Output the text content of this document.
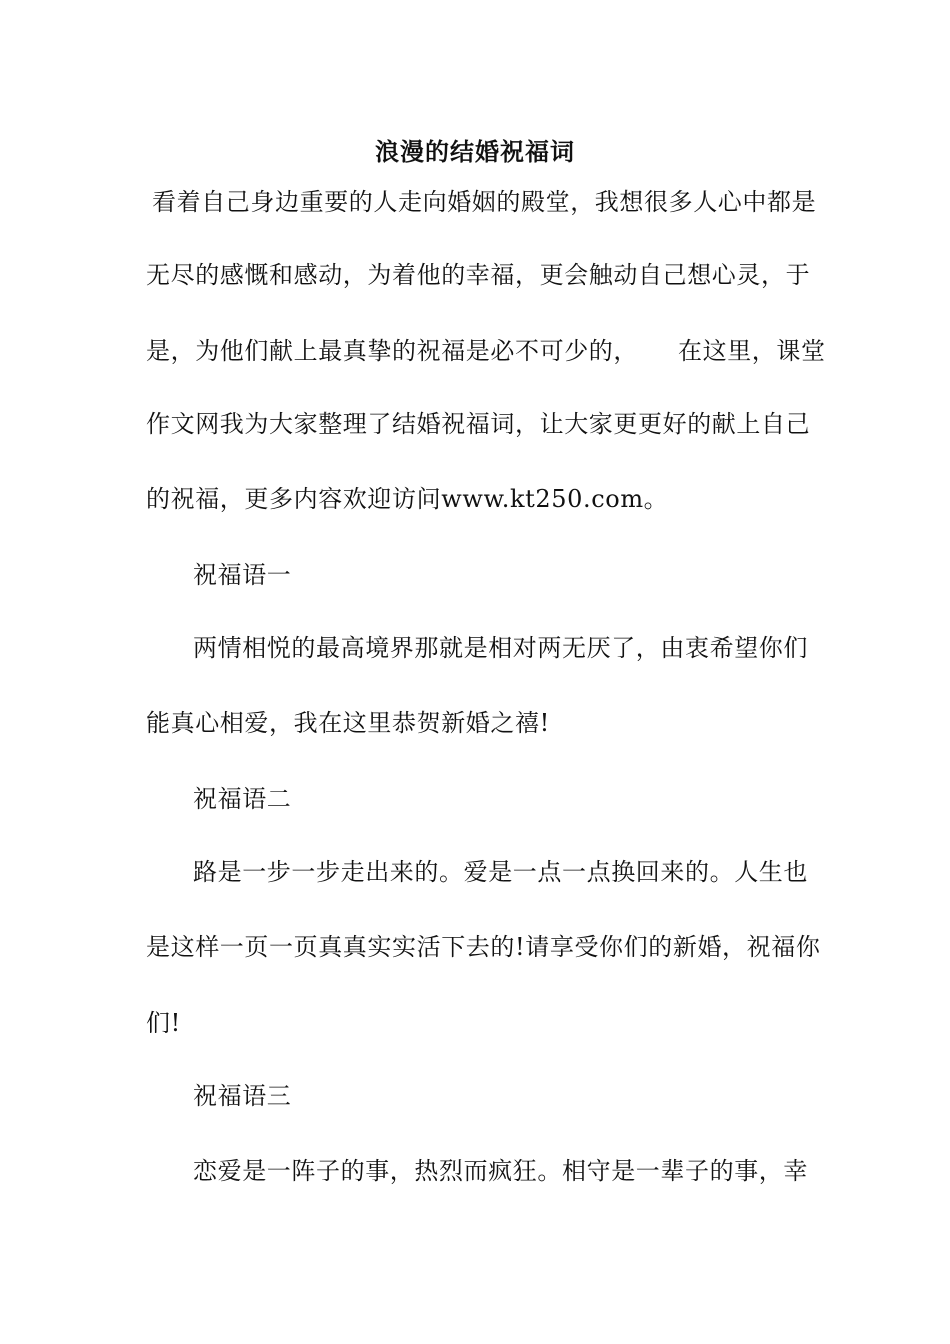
浪漫的结婚祝福词
看着自己身边重要的人走向婚姻的殿堂，我想很多人心中都是
无尽的感慨和感动，为着他的幸福，更会触动自己想心灵，于
是，为他们献上最真挚的祝福是必不可少的， 在这里，课堂
作文网我为大家整理了结婚祝福词，让大家更更好的献上自己
的祝福，更多内容欢迎访问www.kt250.com。
祝福语一
两情相悦的最高境界那就是相对两无厌了，由衷希望你们
能真心相爱，我在这里恭贺新婚之禧!
祝福语二
路是一步一步走出来的。爱是一点一点换回来的。人生也
是这样一页一页真真实实活下去的!请享受你们的新婚，祝福你
们!
祝福语三
恋爱是一阵子的事，热烈而疯狂。相守是一辈子的事，幸
